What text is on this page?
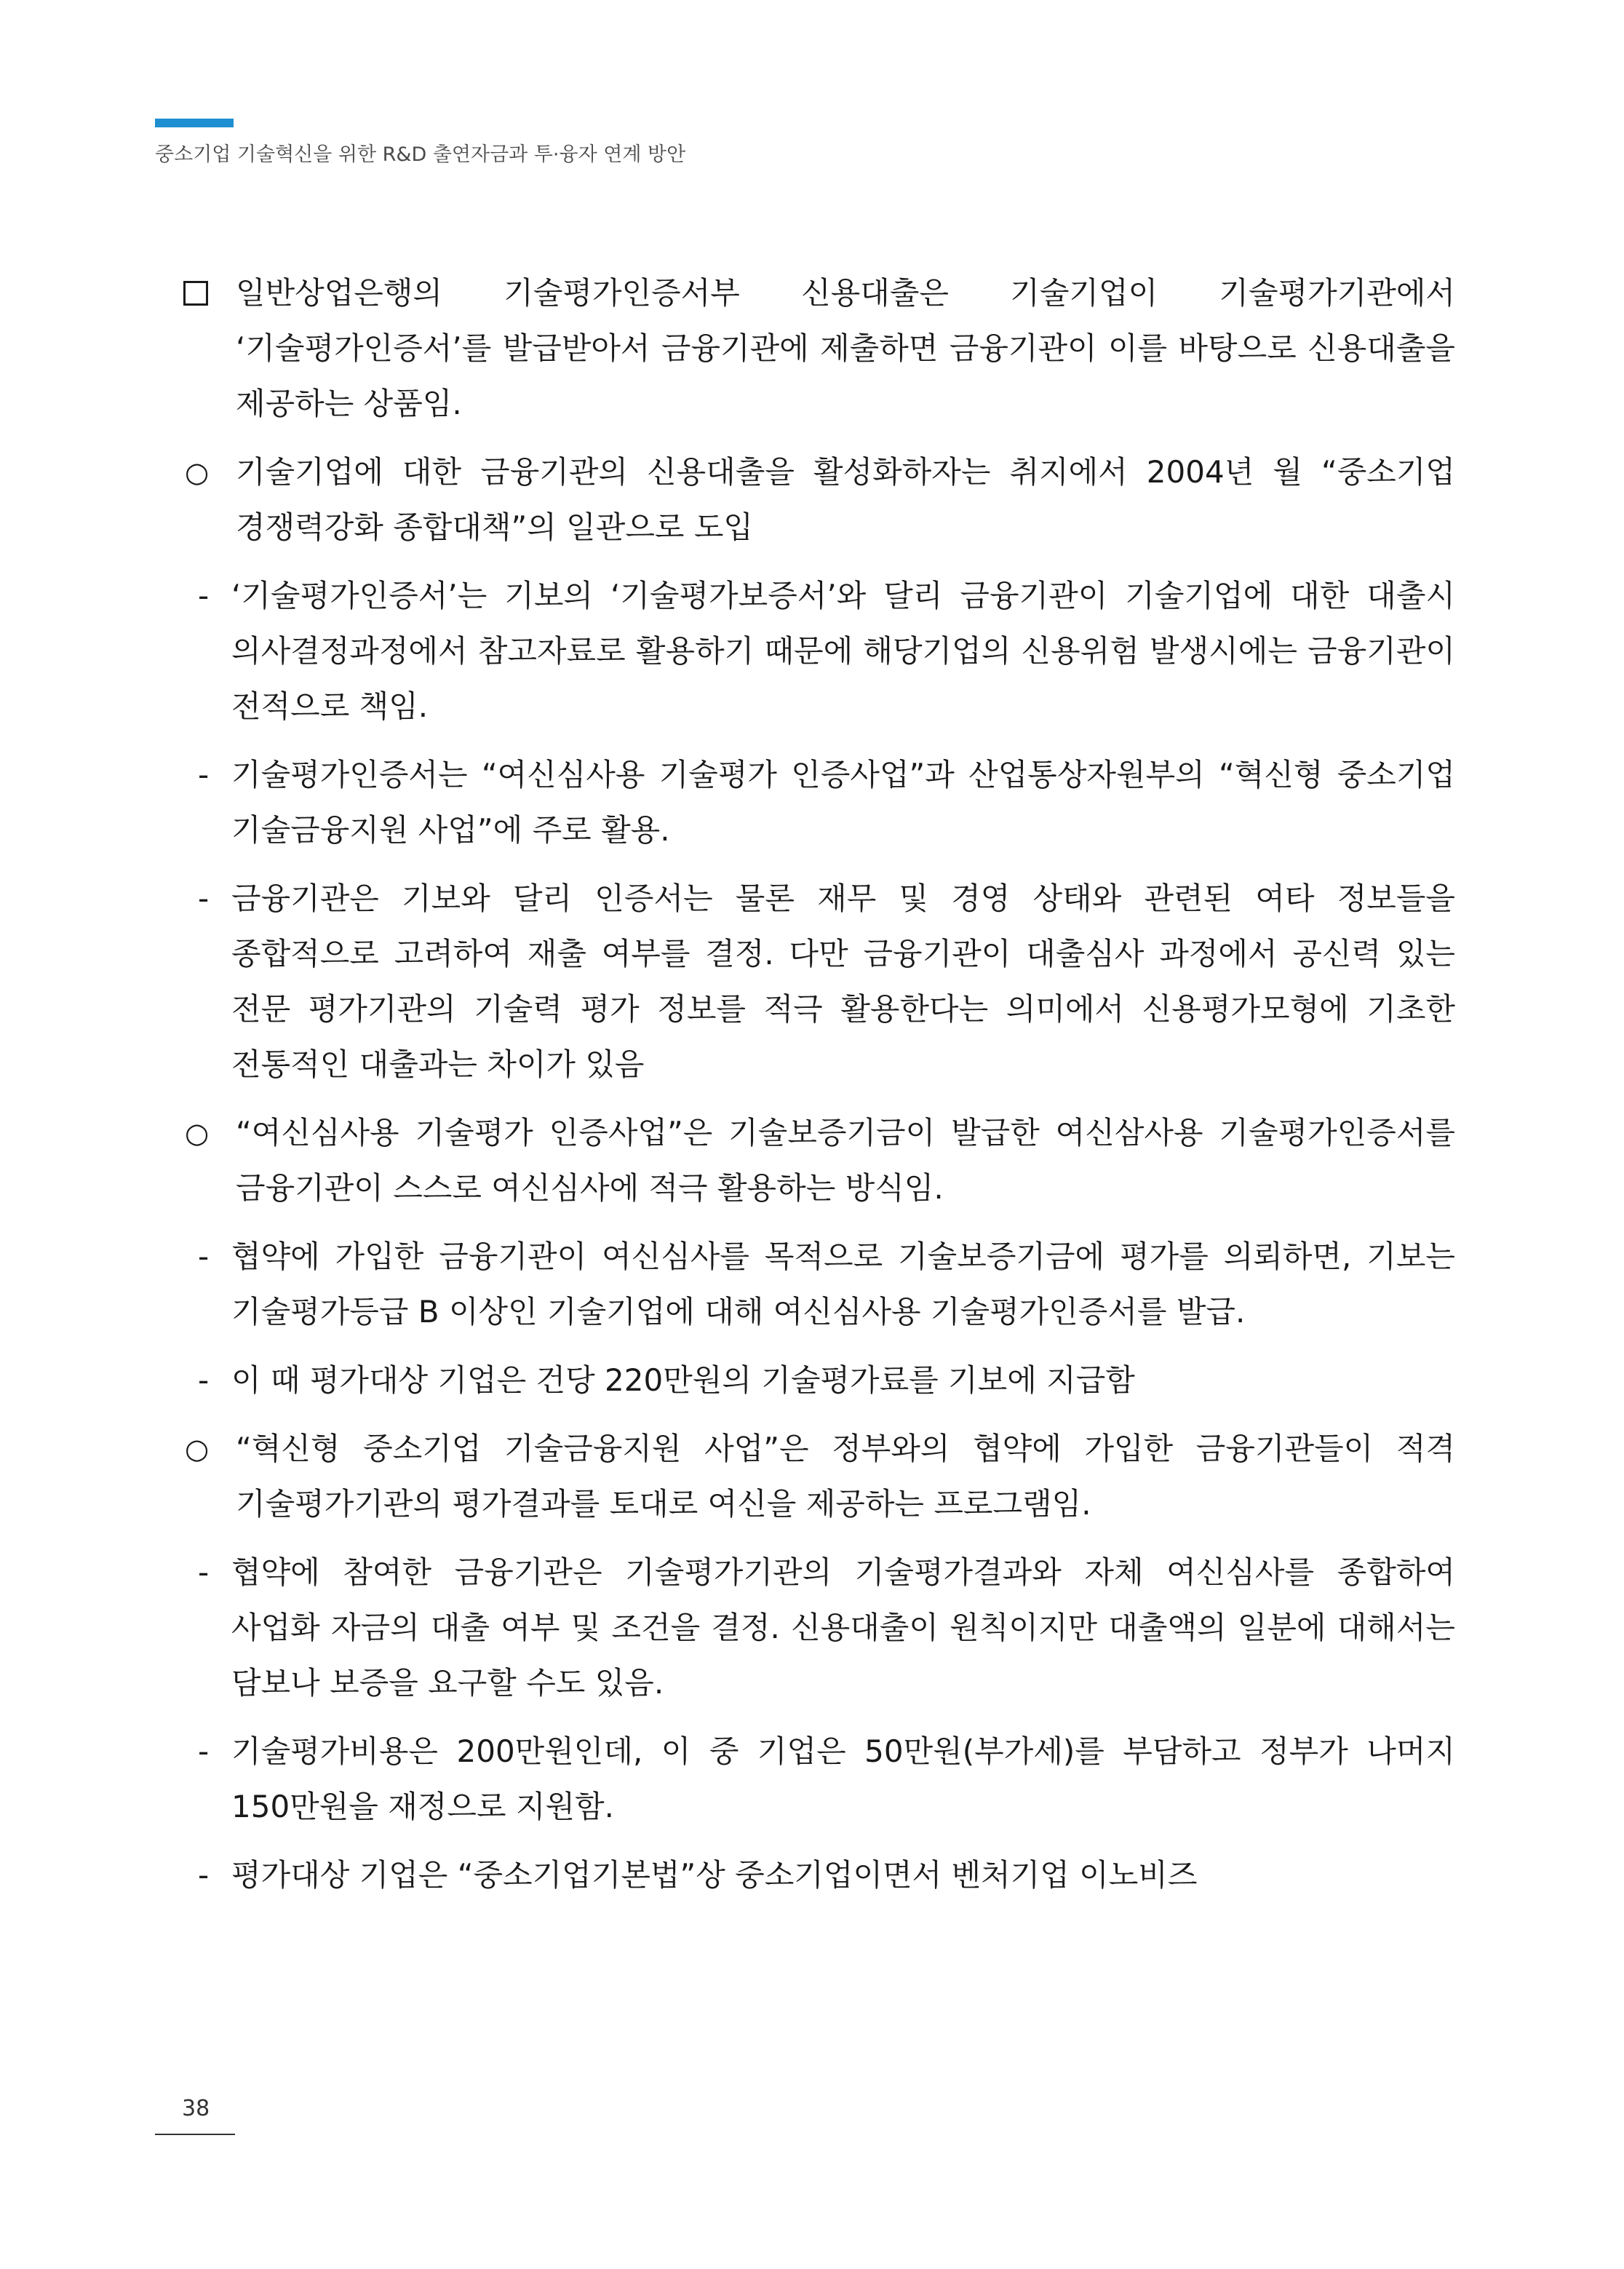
중소기업 기술혁신을 위한 R&D 출연자금과 투·융자 연계 방안
일반상업은행의 기술평가인증서부 신용대출은 기술기업이 기술평가기관에서 ‘기술평가인증서’를 발급받아서 금융기관에 제출하면 금융기관이 이를 바탕으로 신용대출을 제공하는 상품임.
○ 기술기업에 대한 금융기관의 신용대출을 활성화하자는 취지에서 2004년 월 “중소기업 경쟁력강화 종합대책”의 일관으로 도입
- ‘기술평가인증서’는 기보의 ‘기술평가보증서’와 달리 금융기관이 기술기업에 대한 대출시 의사결정과정에서 참고자료로 활용하기 때문에 해당기업의 신용위험 발생시에는 금융기관이 전적으로 책임.
- 기술평가인증서는 “여신심사용 기술평가 인증사업”과 산업통상자원부의 “혁신형 중소기업 기술금융지원 사업”에 주로 활용.
- 금융기관은 기보와 달리 인증서는 물론 재무 및 경영 상태와 관련된 여타 정보들을 종합적으로 고려하여 재출 여부를 결정. 다만 금융기관이 대출심사 과정에서 공신력 있는 전문 평가기관의 기술력 평가 정보를 적극 활용한다는 의미에서 신용평가모형에 기초한 전통적인 대출과는 차이가 있음
○ “여신심사용 기술평가 인증사업”은 기술보증기금이 발급한 여신삼사용 기술평가인증서를 금융기관이 스스로 여신심사에 적극 활용하는 방식임.
- 협약에 가입한 금융기관이 여신심사를 목적으로 기술보증기금에 평가를 의뢰하면, 기보는 기술평가등급 B 이상인 기술기업에 대해 여신심사용 기술평가인증서를 발급.
- 이 때 평가대상 기업은 건당 220만원의 기술평가료를 기보에 지급함
○ “혁신형 중소기업 기술금융지원 사업”은 정부와의 협약에 가입한 금융기관들이 적격 기술평가기관의 평가결과를 토대로 여신을 제공하는 프로그램임.
- 협약에 참여한 금융기관은 기술평가기관의 기술평가결과와 자체 여신심사를 종합하여 사업화 자금의 대출 여부 및 조건을 결정. 신용대출이 원칙이지만 대출액의 일분에 대해서는 담보나 보증을 요구할 수도 있음.
- 기술평가비용은 200만원인데, 이 중 기업은 50만원(부가세)를 부담하고 정부가 나머지 150만원을 재정으로 지원함.
- 평가대상 기업은 “중소기업기본법”상 중소기업이면서 벤처기업 이노비즈
38
